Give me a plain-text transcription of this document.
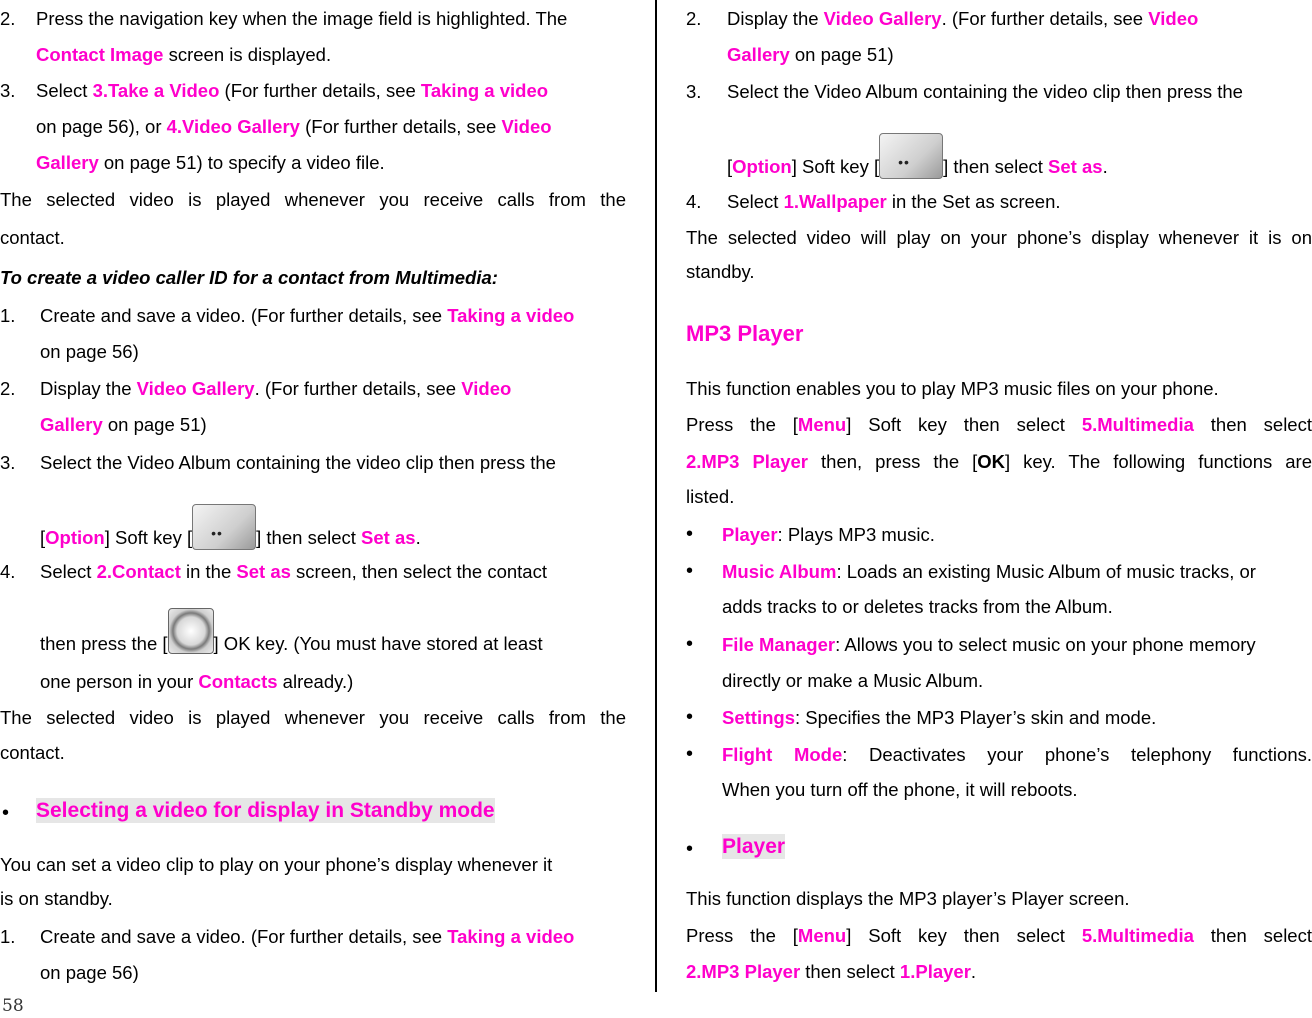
2. Press the navigation key when the image field is highlighted. The
Contact Image screen is displayed.
3. Select 3.Take a Video (For further details, see Taking a video
on page 56), or 4.Video Gallery (For further details, see Video
Gallery on page 51) to specify a video file.
The selected video is played whenever you receive calls from the
contact.
To create a video caller ID for a contact from Multimedia:
1. Create and save a video. (For further details, see Taking a video
on page 56)
2. Display the Video Gallery. (For further details, see Video
Gallery on page 51)
3. Select the Video Album containing the video clip then press the
[Option] Soft key [ ••	] then select Set as.
4. Select 2.Contact in the Set as screen, then select the contact
then press the [ ] OK key. (You must have stored at least
one person in your Contacts already.)
The selected video is played whenever you receive calls from the
contact.
• Selecting a video for display in Standby mode
You can set a video clip to play on your phone’s display whenever it
is on standby.
1. Create and save a video. (For further details, see Taking a video
on page 56)
2. Display the Video Gallery. (For further details, see Video
Gallery on page 51)
3. Select the Video Album containing the video clip then press the
[Option] Soft key [ ••	] then select Set as.
4. Select 1.Wallpaper in the Set as screen.
The selected video will play on your phone’s display whenever it is on
standby.
MP3 Player
This function enables you to play MP3 music files on your phone.
Press the [Menu] Soft key then select 5.Multimedia then select
2.MP3 Player then, press the [OK] key. The following functions are
listed.
• Player: Plays MP3 music.
• Music Album: Loads an existing Music Album of music tracks, or
adds tracks to or deletes tracks from the Album.
• File Manager: Allows you to select music on your phone memory
directly or make a Music Album.
• Settings: Specifies the MP3 Player’s skin and mode.
• Flight Mode: Deactivates your phone’s telephony functions.
When you turn off the phone, it will reboots.
• Player
This function displays the MP3 player’s Player screen.
Press the [Menu] Soft key then select 5.Multimedia then select
2.MP3 Player then select 1.Player.
58
